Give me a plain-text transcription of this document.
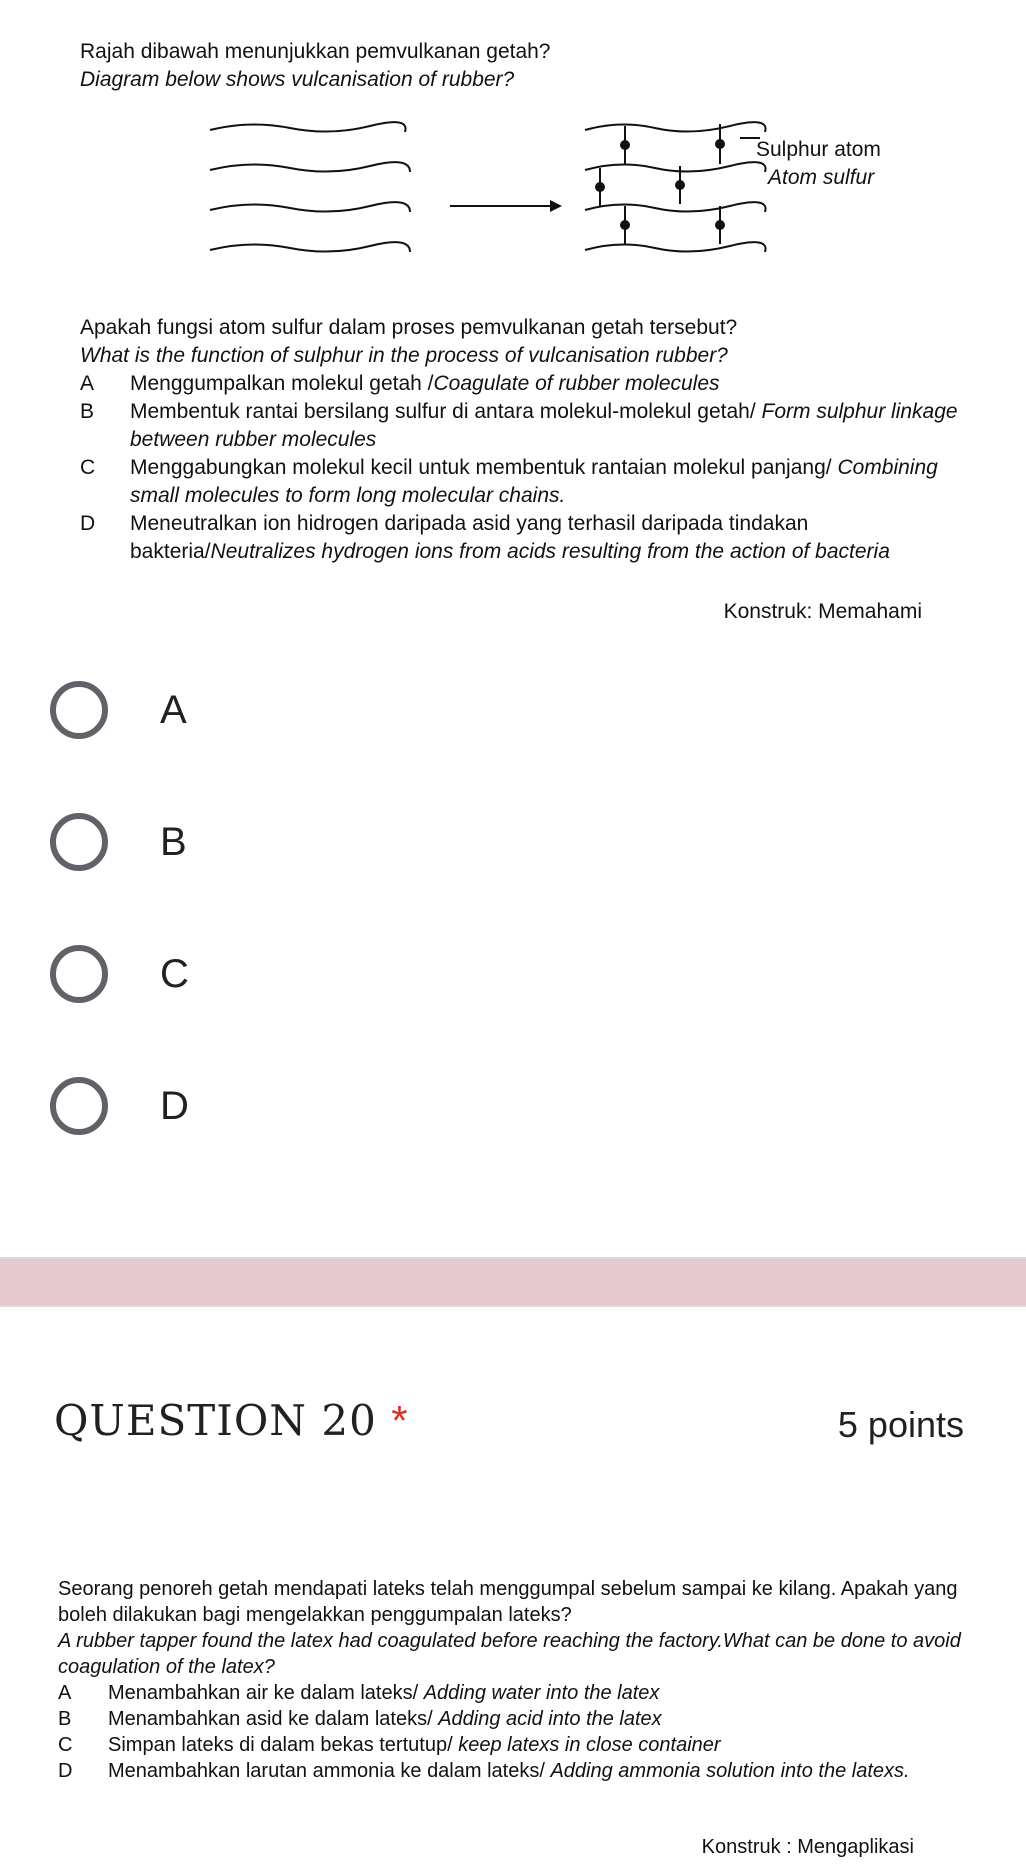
Rajah dibawah menunjukkan pemvulkanan getah?

Diagram below shows vulcanisation of rubber?

Sulphur atom
Atom sulfur

Apakah fungsi atom sulfur dalam proses pemvulkanan getah tersebut?

What is the function of sulphur in the process of vulcanisation rubber?

A	Menggumpalkan molekul getah /Coagulate of rubber molecules
B	Membentuk rantai bersilang sulfur di antara molekul-molekul getah/ Form sulphur linkage between rubber molecules
C	Menggabungkan molekul kecil untuk membentuk rantaian molekul panjang/ Combining small molecules to form long molecular chains.
D	Meneutralkan ion hidrogen daripada asid yang terhasil daripada tindakan bakteria/Neutralizes hydrogen ions from acids resulting from the action of bacteria
Konstruk: Memahami
A
B
C
D
QUESTION 20 *	5 points

Seorang penoreh getah mendapati lateks telah menggumpal sebelum sampai ke kilang. Apakah yang boleh dilakukan bagi mengelakkan penggumpalan lateks?

A rubber tapper found the latex had coagulated before reaching the factory.What can be done to avoid coagulation of the latex?

A	Menambahkan air ke dalam lateks/ Adding water into the latex
B	Menambahkan asid ke dalam lateks/ Adding acid into the latex
C	Simpan lateks di dalam bekas tertutup/ keep latexs in close container
D	Menambahkan larutan ammonia ke dalam lateks/ Adding ammonia solution into the latexs.
Konstruk : Mengaplikasi
